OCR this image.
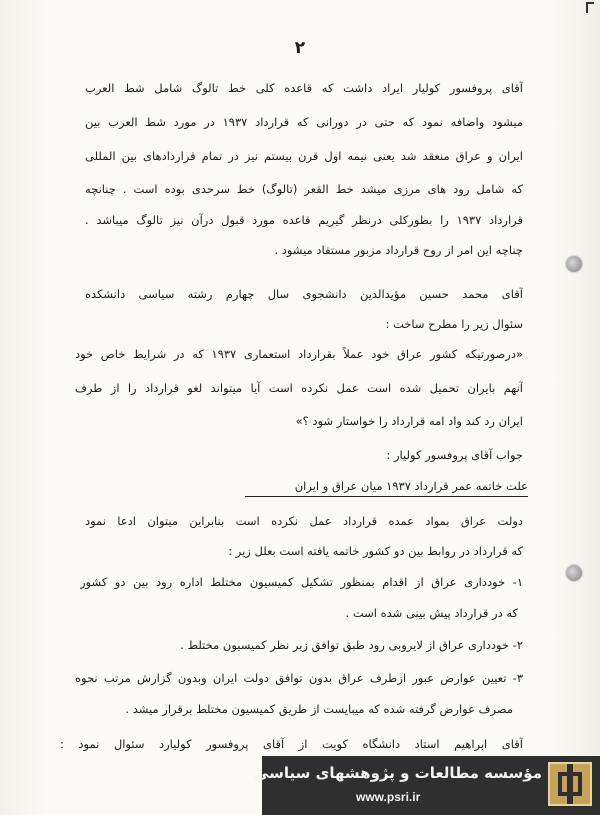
۲
آقای پروفسور کولیار ایراد داشت که قاعده کلی خط تالوگ شامل شط العرب
میشود واضافه نمود که حتی در دورانی که قرارداد ۱۹۳۷ در مورد شط العرب بین
ایران و عراق منعقد شد یعنی نیمه اول قرن بیستم نیز در تمام قراردادهای بین المللی
که شامل رود های مرزی میشد خط القعر (تالوگ) خط سرحدی بوده است . چنانچه
قرارداد ۱۹۳۷ را بطورکلی درنظر گیریم قاعده مورد قبول درآن نیز تالوگ میباشد .
چناچه این امر از روح قرارداد مزبور مستفاد میشود .
آقای محمد حسین مؤیدالدین دانشجوی سال چهارم رشته سیاسی دانشکده
سئوال زیر را مطرح ساخت :
«درصورتیکه کشور عراق خود عملاً بقرارداد استعماری ۱۹۳۷ که در شرایط خاص خود
آنهم بایران تحمیل شده است عمل نکرده است آیا میتواند لغو قرارداد را از طرف
ایران رد کند واد امه قرارداد را خواستار شود ؟»
جواب آقای پروفسور کولیار :
علت خاتمه عمر قرارداد ۱۹۳۷ میان عراق و ایران
دولت عراق بمواد عمده قرارداد عمل نکرده است بنابراین میتوان ادعا نمود
که قرارداد در روابط بین دو کشور خاتمه یافته است بعلل زیر :
۱- خودداری عراق از اقدام بمنظور تشکیل کمیسیون مختلط اداره رود بین دو کشور
که در قرارداد پیش بینی شده است .
۲- خودداری عراق از لایروبی رود طبق توافق زیر نظر کمیسیون مختلط .
۳- تعیین عوارض عبور ازطرف عراق بدون توافق دولت ایران وبدون گزارش مرتب نحوه
مصرف عوارض گرفته شده که میبایست از طریق کمیسیون مختلط برقرار میشد .
آقای ابراهیم استاد دانشگاه کویت از آقای پروفسور کولیارد سئوال نمود :
مؤسسه مطالعات و پژوهشهای سیاسی
www.psri.ir
